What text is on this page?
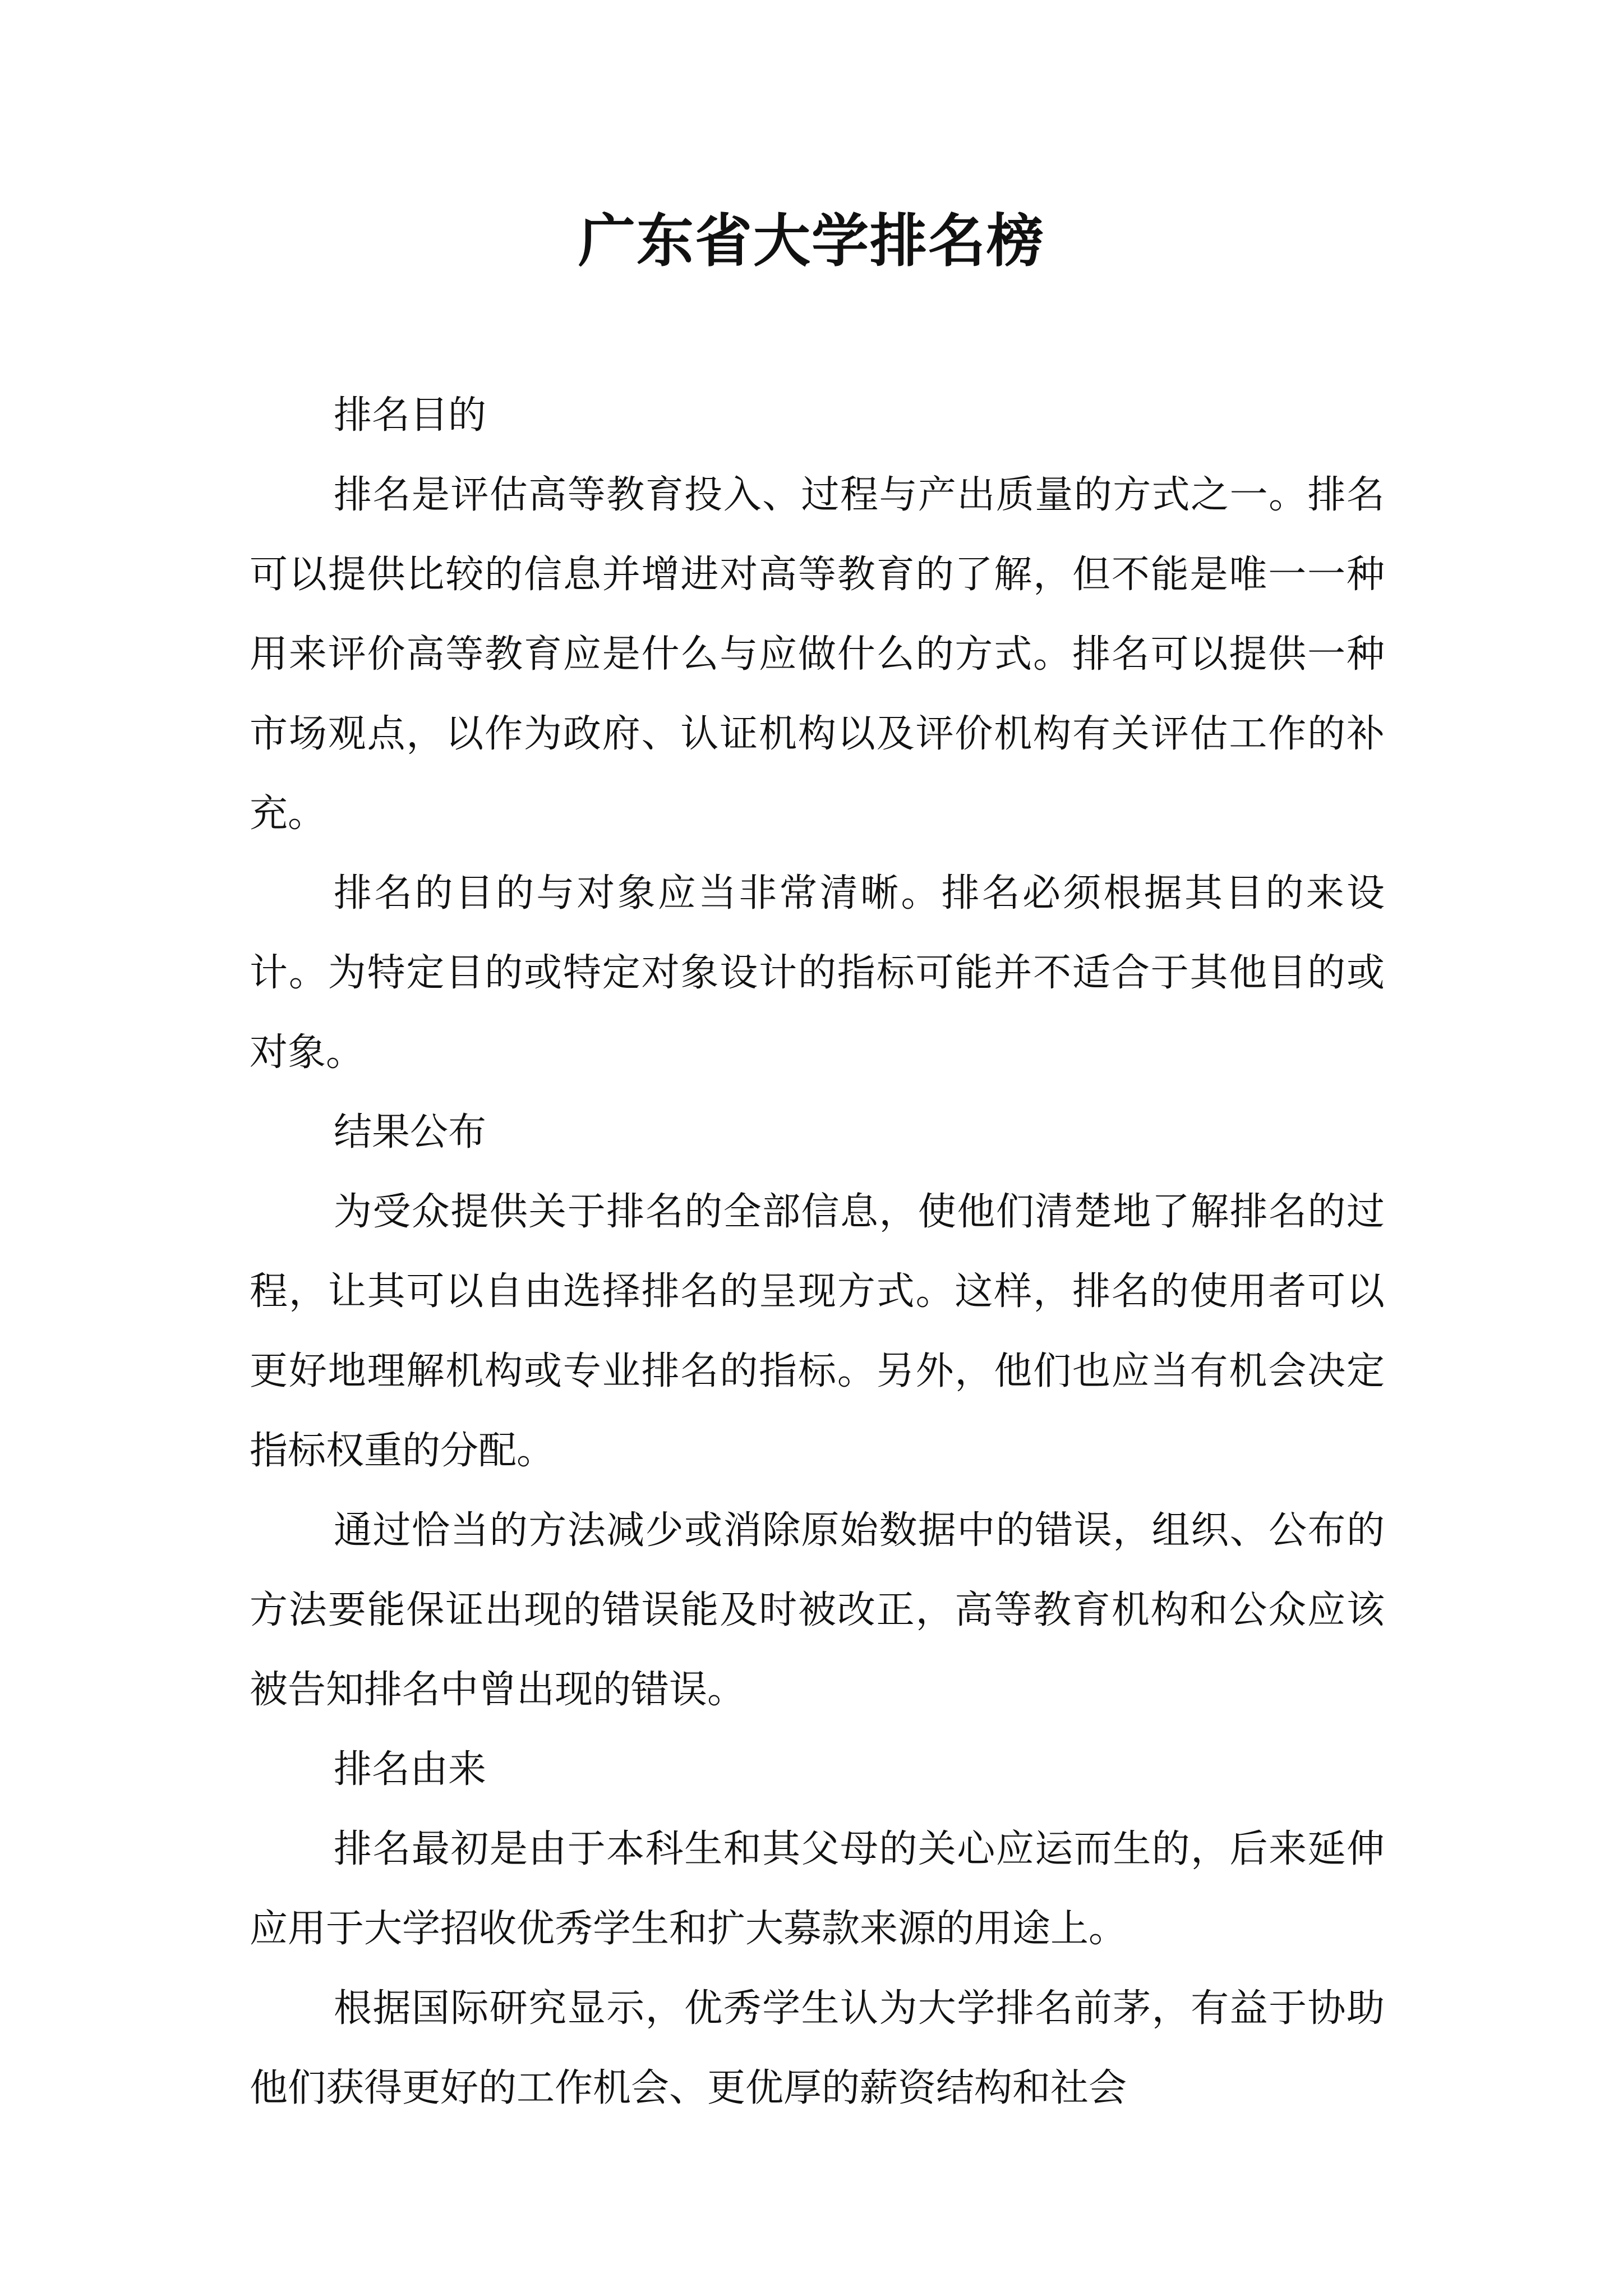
广东省大学排名榜

排名目的

排名是评估高等教育投入、过程与产出质量的方式之一。排名可以提供比较的信息并增进对高等教育的了解，但不能是唯一一种用来评价高等教育应是什么与应做什么的方式。排名可以提供一种市场观点，以作为政府、认证机构以及评价机构有关评估工作的补充。

排名的目的与对象应当非常清晰。排名必须根据其目的来设计。为特定目的或特定对象设计的指标可能并不适合于其他目的或对象。

结果公布

为受众提供关于排名的全部信息，使他们清楚地了解排名的过程，让其可以自由选择排名的呈现方式。这样，排名的使用者可以更好地理解机构或专业排名的指标。另外，他们也应当有机会决定指标权重的分配。

通过恰当的方法减少或消除原始数据中的错误，组织、公布的方法要能保证出现的错误能及时被改正，高等教育机构和公众应该被告知排名中曾出现的错误。

排名由来

排名最初是由于本科生和其父母的关心应运而生的，后来延伸应用于大学招收优秀学生和扩大募款来源的用途上。

根据国际研究显示，优秀学生认为大学排名前茅，有益于协助他们获得更好的工作机会、更优厚的薪资结构和社会
